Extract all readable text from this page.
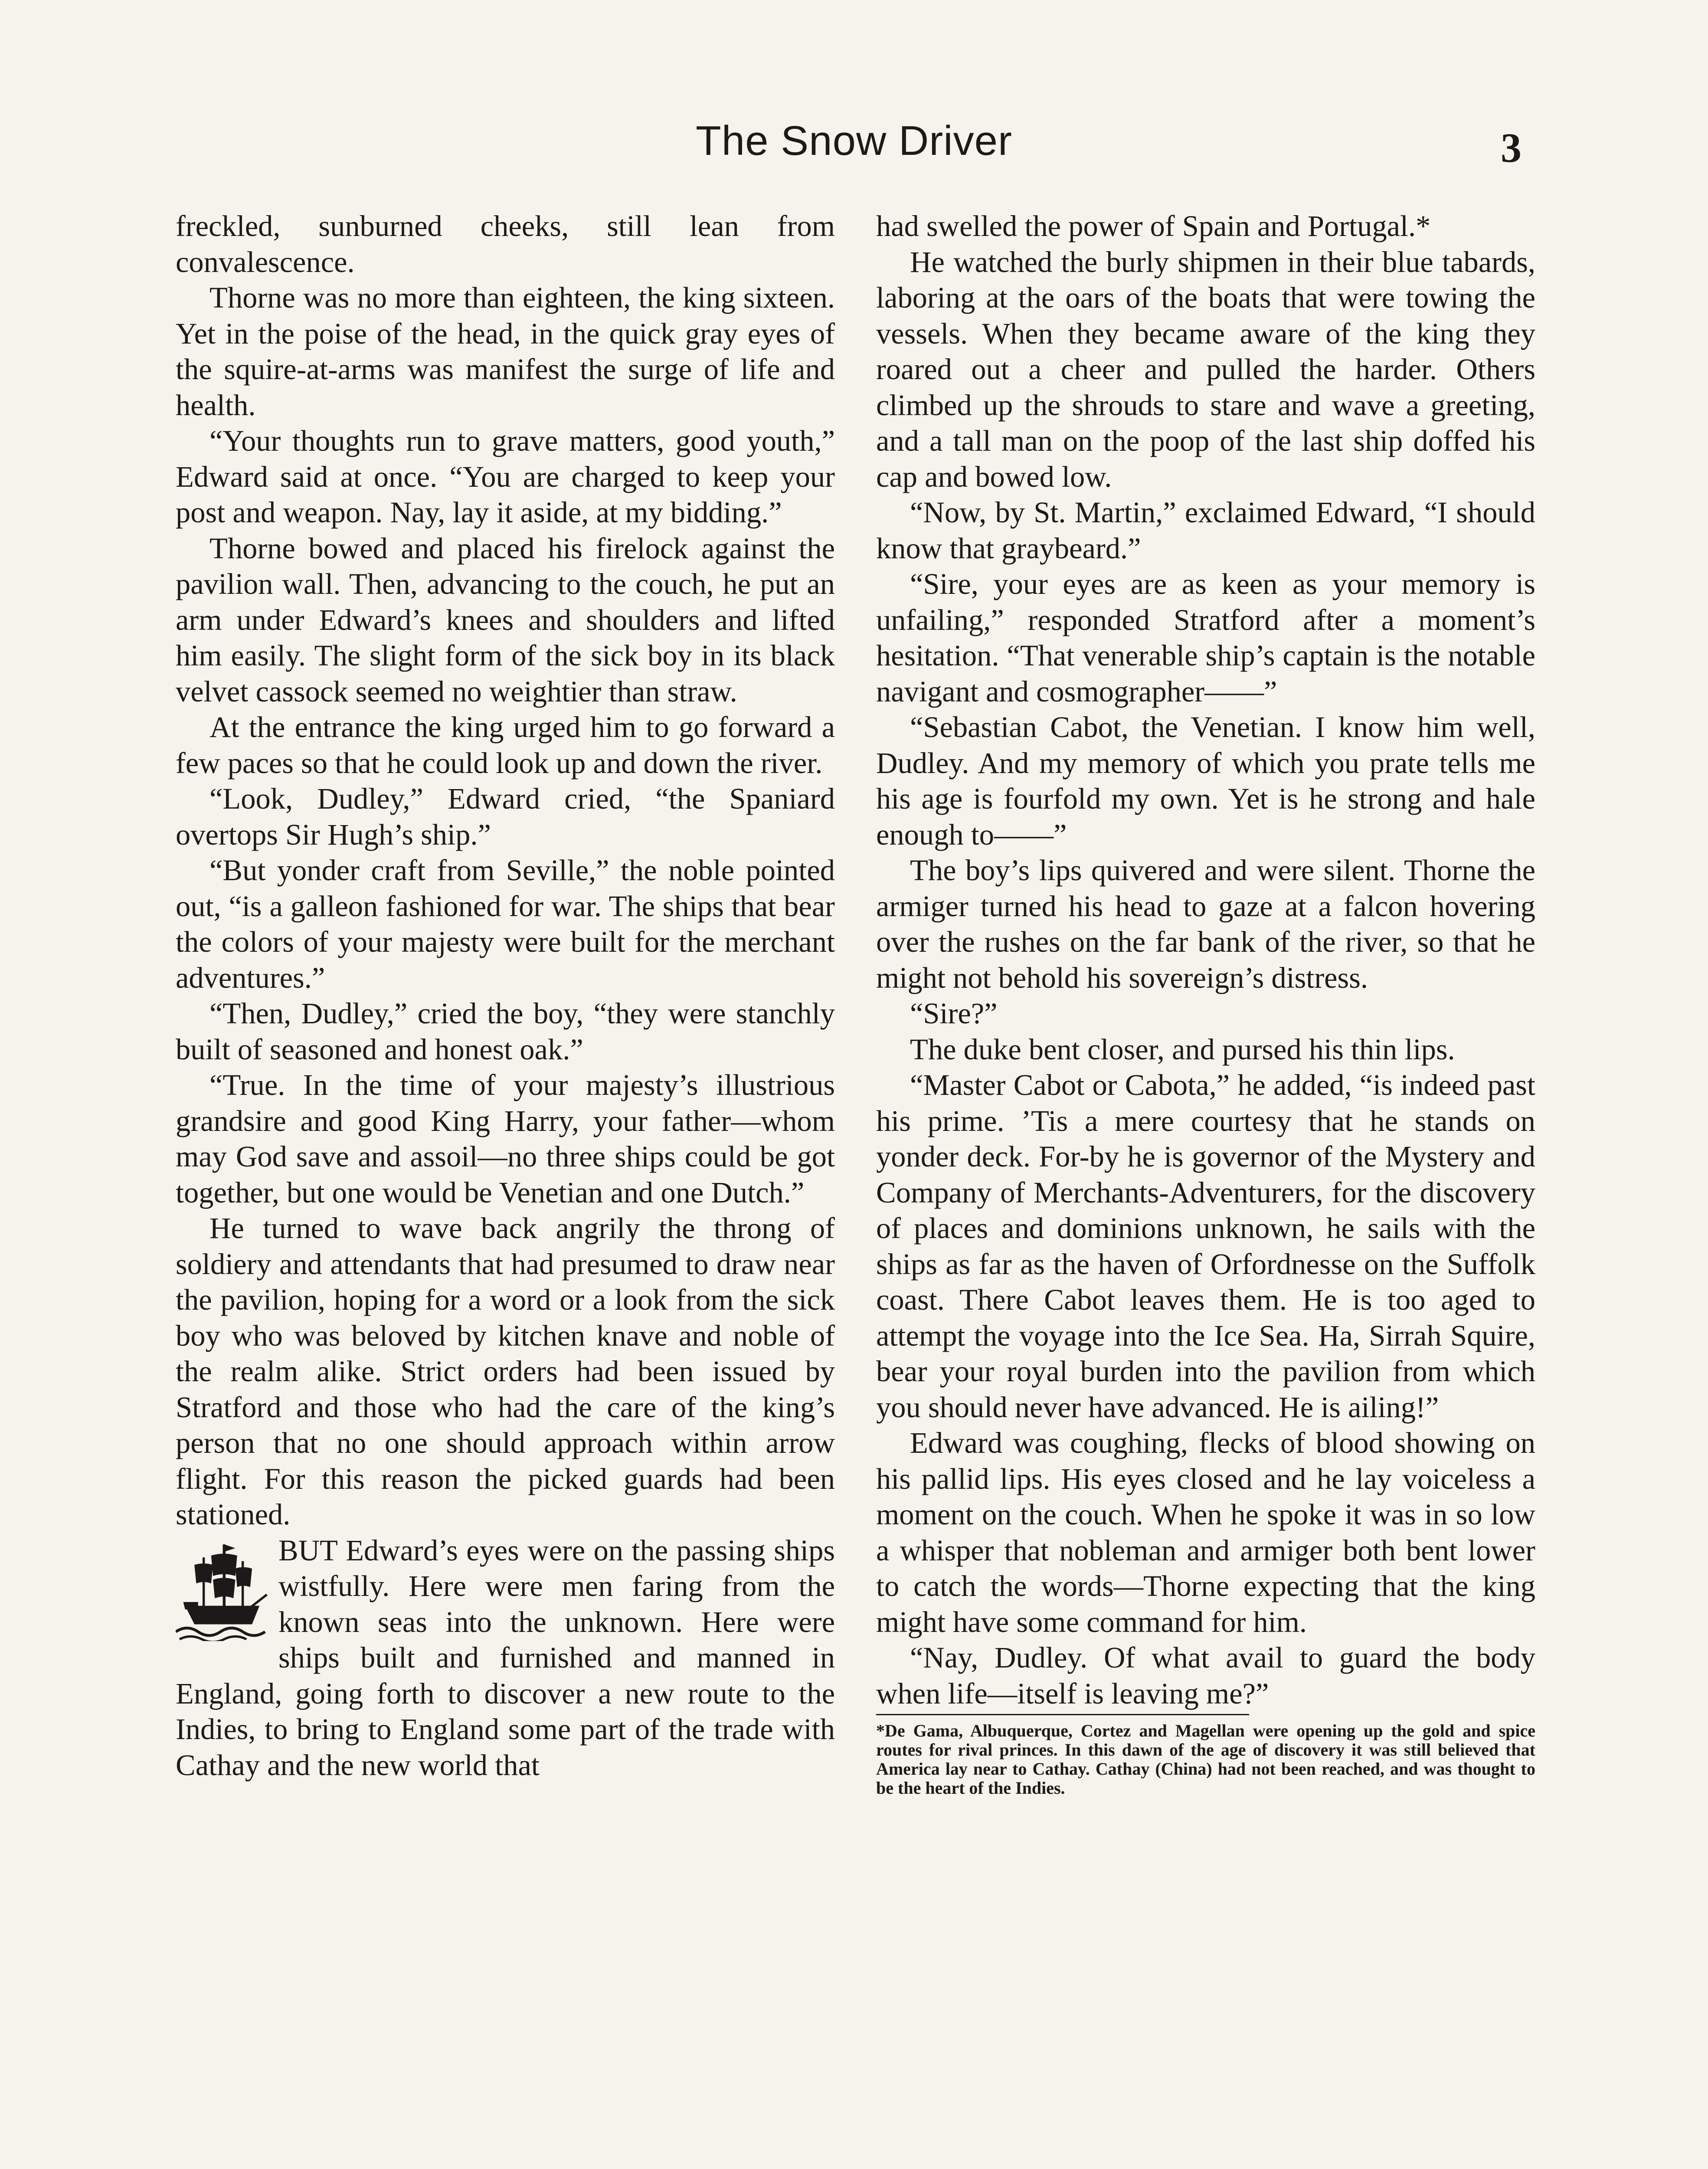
The Snow Driver	3

freckled, sunburned cheeks, still lean from convalescence.

Thorne was no more than eighteen, the king sixteen. Yet in the poise of the head, in the quick gray eyes of the squire-at-arms was manifest the surge of life and health.

“Your thoughts run to grave matters, good youth,” Edward said at once. “You are charged to keep your post and weapon. Nay, lay it aside, at my bidding.”

Thorne bowed and placed his firelock against the pavilion wall. Then, advancing to the couch, he put an arm under Edward’s knees and shoulders and lifted him easily. The slight form of the sick boy in its black velvet cassock seemed no weightier than straw.

At the entrance the king urged him to go forward a few paces so that he could look up and down the river.

“Look, Dudley,” Edward cried, “the Spaniard overtops Sir Hugh’s ship.”

“But yonder craft from Seville,” the noble pointed out, “is a galleon fashioned for war. The ships that bear the colors of your majesty were built for the merchant adventures.”

“Then, Dudley,” cried the boy, “they were stanchly built of seasoned and honest oak.”

“True. In the time of your majesty’s illustrious grandsire and good King Harry, your father—whom may God save and assoil—no three ships could be got together, but one would be Venetian and one Dutch.”

He turned to wave back angrily the throng of soldiery and attendants that had presumed to draw near the pavilion, hoping for a word or a look from the sick boy who was beloved by kitchen knave and noble of the realm alike. Strict orders had been issued by Stratford and those who had the care of the king’s person that no one should approach within arrow flight. For this reason the picked guards had been stationed.

BUT Edward’s eyes were on the passing ships wistfully. Here were men faring from the known seas into the unknown. Here were ships built and furnished and manned in England, going forth to discover a new route to the Indies, to bring to England some part of the trade with Cathay and the new world that

had swelled the power of Spain and Portugal.*

He watched the burly shipmen in their blue tabards, laboring at the oars of the boats that were towing the vessels. When they became aware of the king they roared out a cheer and pulled the harder. Others climbed up the shrouds to stare and wave a greeting, and a tall man on the poop of the last ship doffed his cap and bowed low.

“Now, by St. Martin,” exclaimed Edward, “I should know that graybeard.”

“Sire, your eyes are as keen as your memory is unfailing,” responded Stratford after a moment’s hesitation. “That venerable ship’s captain is the notable navigant and cosmographer——”

“Sebastian Cabot, the Venetian. I know him well, Dudley. And my memory of which you prate tells me his age is fourfold my own. Yet is he strong and hale enough to——”

The boy’s lips quivered and were silent. Thorne the armiger turned his head to gaze at a falcon hovering over the rushes on the far bank of the river, so that he might not behold his sovereign’s distress.

“Sire?”

The duke bent closer, and pursed his thin lips.

“Master Cabot or Cabota,” he added, “is indeed past his prime. ’Tis a mere courtesy that he stands on yonder deck. For-by he is governor of the Mystery and Company of Merchants-Adventurers, for the discovery of places and dominions unknown, he sails with the ships as far as the haven of Orfordnesse on the Suffolk coast. There Cabot leaves them. He is too aged to attempt the voyage into the Ice Sea. Ha, Sirrah Squire, bear your royal burden into the pavilion from which you should never have advanced. He is ailing!”

Edward was coughing, flecks of blood showing on his pallid lips. His eyes closed and he lay voiceless a moment on the couch. When he spoke it was in so low a whisper that nobleman and armiger both bent lower to catch the words—Thorne expecting that the king might have some command for him.

“Nay, Dudley. Of what avail to guard the body when life—itself is leaving me?”

*De Gama, Albuquerque, Cortez and Magellan were opening up the gold and spice routes for rival princes. In this dawn of the age of discovery it was still believed that America lay near to Cathay. Cathay (China) had not been reached, and was thought to be the heart of the Indies.
